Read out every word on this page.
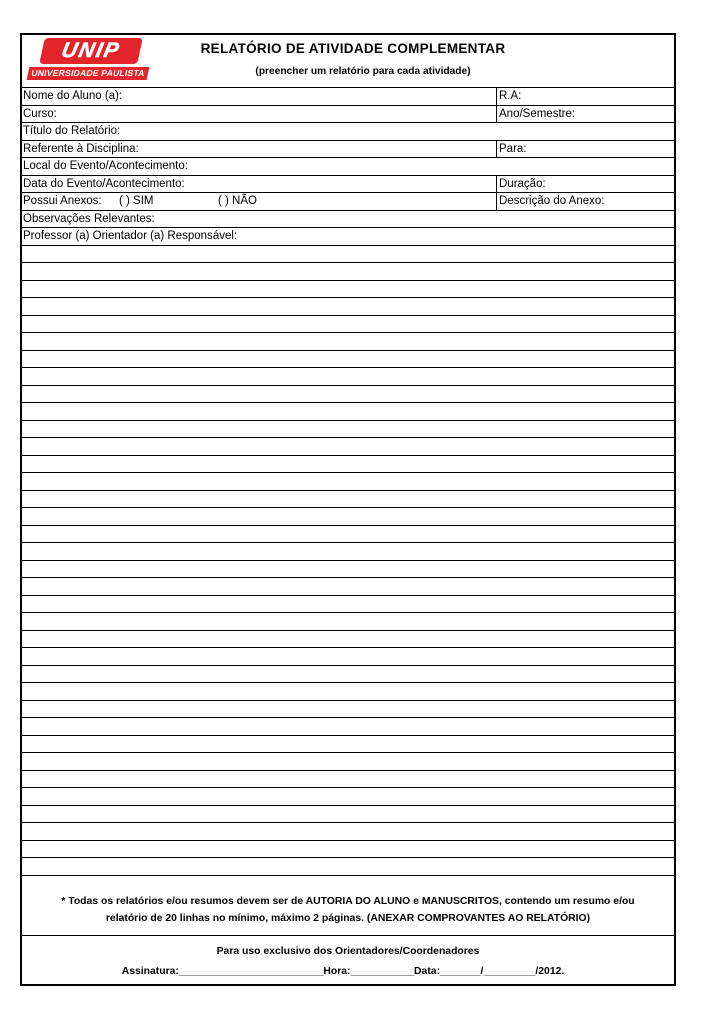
UNIP
UNIVERSIDADE PAULISTA
RELATÓRIO DE ATIVIDADE COMPLEMENTAR
(preencher um relatório para cada atividade)
Nome do Aluno (a):	R.A:
Curso:	Ano/Semestre:
Título do Relatório:
Referente à Disciplina:	Para:
Local do Evento/Acontecimento:
Data do Evento/Acontecimento:	Duração:
Possui Anexos: ( ) SIM	( ) NÃO	Descrição do Anexo:
Observações Relevantes:
Professor (a) Orientador (a) Responsável:
* Todas os relatórios e/ou resumos devem ser de AUTORIA DO ALUNO e MANUSCRITOS, contendo um resumo e/ou
relatório de 20 linhas no mínimo, máximo 2 páginas. (ANEXAR COMPROVANTES AO RELATÓRIO)
Para uso exclusivo dos Orientadores/Coordenadores
Assinatura:_________________________Hora:___________Data:_______/_________/2012.
